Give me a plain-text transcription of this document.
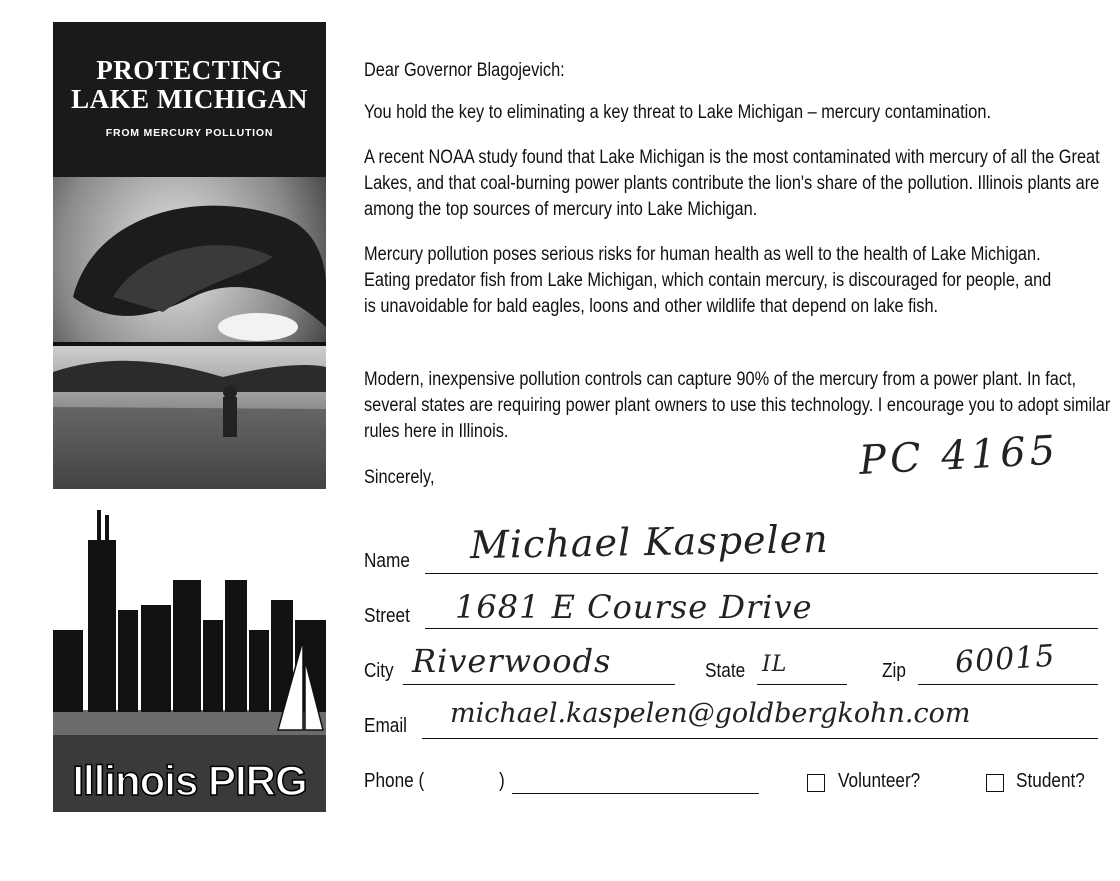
PROTECTING
LAKE MICHIGAN
FROM MERCURY POLLUTION
Illinois PIRG
Dear Governor Blagojevich:
You hold the key to eliminating a key threat to Lake Michigan – mercury contamination.
A recent NOAA study found that Lake Michigan is the most contaminated with mercury of all the Great Lakes, and that coal-burning power plants contribute the lion's share of the pollution. Illinois plants are among the top sources of mercury into Lake Michigan.
Mercury pollution poses serious risks for human health as well to the health of Lake Michigan. Eating predator fish from Lake Michigan, which contain mercury, is discouraged for people, and is unavoidable for bald eagles, loons and other wildlife that depend on lake fish.
Modern, inexpensive pollution controls can capture 90% of the mercury from a power plant. In fact, several states are requiring power plant owners to use this technology. I encourage you to adopt similar rules here in Illinois.
Sincerely,	PC 4165
Name Michael Kaspelen
Street 1681 E Course Drive
City Riverwoods	State IL	Zip 60015
Email michael.kaspelen@goldbergkohn.com
Phone (	)	Volunteer?	Student?
